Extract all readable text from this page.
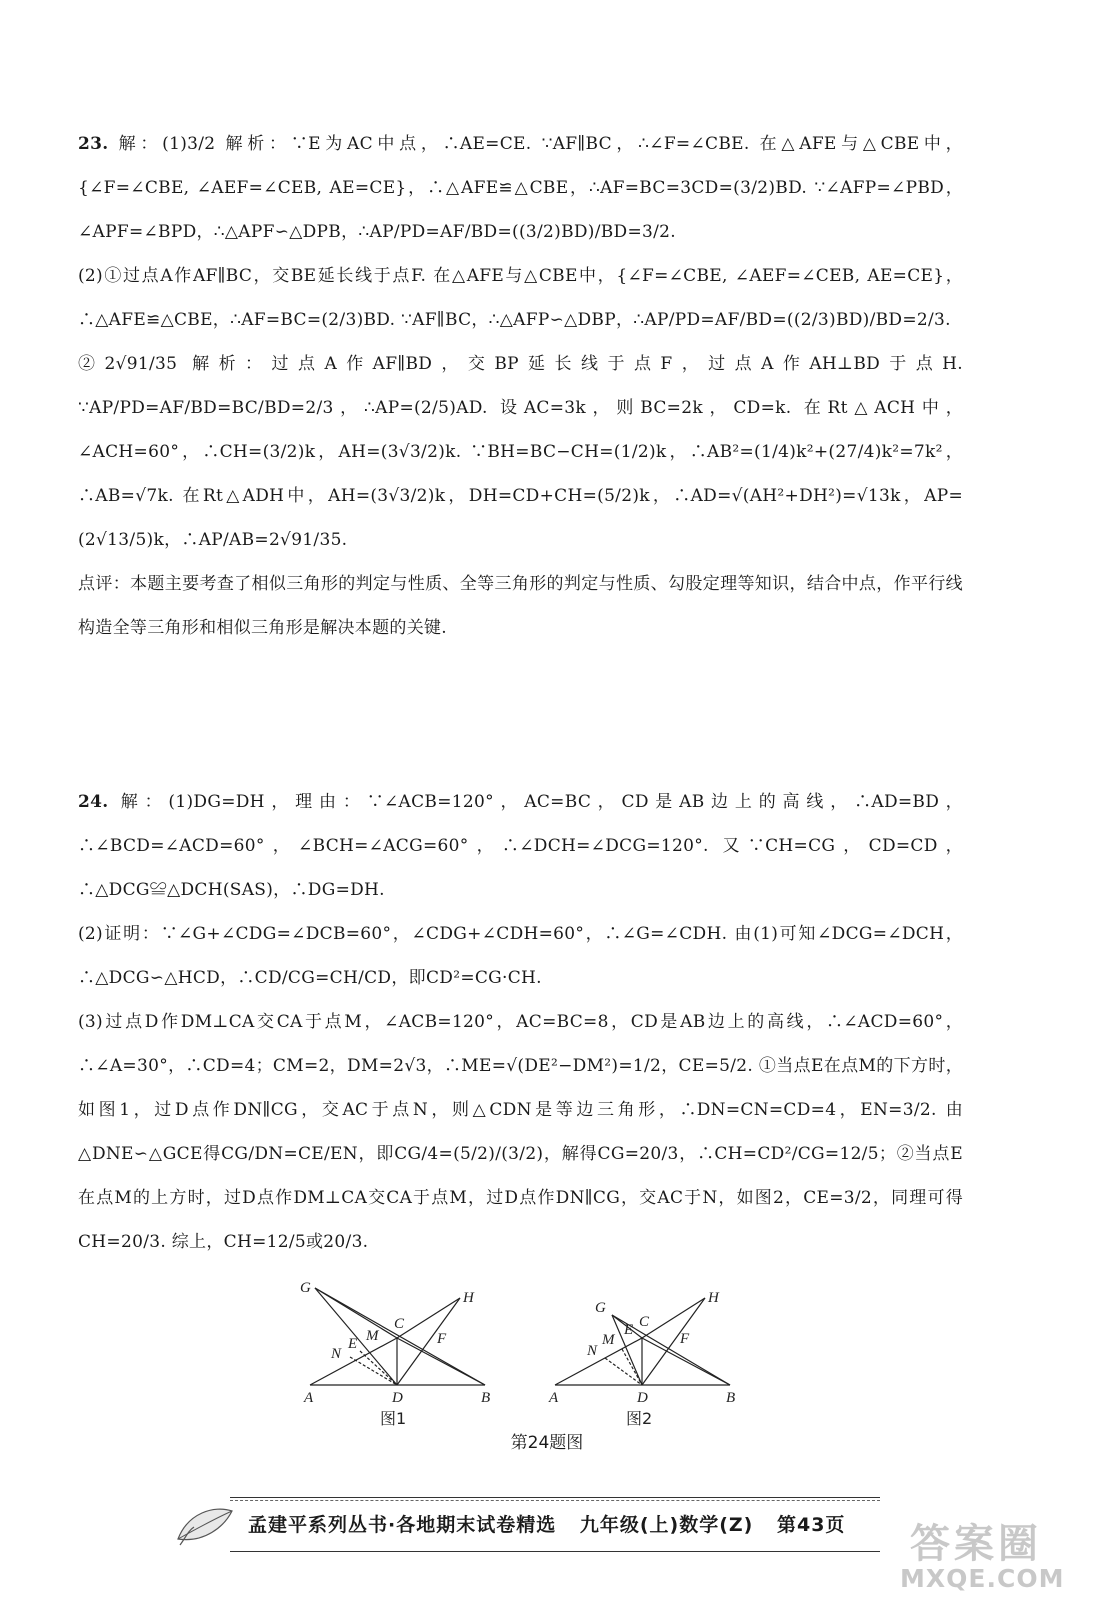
23. 解：(1)3/2 解析：∵E为AC中点，∴AE=CE. ∵AF∥BC，∴∠F=∠CBE. 在△AFE与△CBE中，{∠F=∠CBE, ∠AEF=∠CEB, AE=CE}，∴△AFE≌△CBE，∴AF=BC=3CD=(3/2)BD. ∵∠AFP=∠PBD，∠APF=∠BPD，∴△APF∽△DPB，∴AP/PD=AF/BD=((3/2)BD)/BD=3/2.

(2)①过点A作AF∥BC，交BE延长线于点F. 在△AFE与△CBE中，{∠F=∠CBE, ∠AEF=∠CEB, AE=CE}，∴△AFE≌△CBE，∴AF=BC=(2/3)BD. ∵AF∥BC，∴△AFP∽△DBP，∴AP/PD=AF/BD=((2/3)BD)/BD=2/3.

②2√91/35 解析：过点A作AF∥BD，交BP延长线于点F，过点A作AH⊥BD于点H. ∵AP/PD=AF/BD=BC/BD=2/3，∴AP=(2/5)AD. 设AC=3k，则BC=2k，CD=k. 在Rt△ACH中，∠ACH=60°，∴CH=(3/2)k，AH=(3√3/2)k. ∵BH=BC−CH=(1/2)k，∴AB²=(1/4)k²+(27/4)k²=7k²，∴AB=√7k. 在Rt△ADH中，AH=(3√3/2)k，DH=CD+CH=(5/2)k，∴AD=√(AH²+DH²)=√13k，AP=(2√13/5)k，∴AP/AB=2√91/35.

点评：本题主要考查了相似三角形的判定与性质、全等三角形的判定与性质、勾股定理等知识，结合中点，作平行线构造全等三角形和相似三角形是解决本题的关键.

24. 解：(1)DG=DH，理由：∵∠ACB=120°，AC=BC，CD是AB边上的高线，∴AD=BD，∴∠BCD=∠ACD=60°，∠BCH=∠ACG=60°，∴∠DCH=∠DCG=120°. 又∵CH=CG，CD=CD，∴△DCG≌△DCH(SAS)，∴DG=DH.

(2)证明：∵∠G+∠CDG=∠DCB=60°，∠CDG+∠CDH=60°，∴∠G=∠CDH. 由(1)可知∠DCG=∠DCH，∴△DCG∽△HCD，∴CD/CG=CH/CD，即CD²=CG·CH.

(3)过点D作DM⊥CA交CA于点M，∠ACB=120°，AC=BC=8，CD是AB边上的高线，∴∠ACD=60°，∴∠A=30°，∴CD=4；CM=2，DM=2√3，∴ME=√(DE²−DM²)=1/2，CE=5/2. ①当点E在点M的下方时，如图1，过D点作DN∥CG，交AC于点N，则△CDN是等边三角形，∴DN=CN=CD=4，EN=3/2. 由△DNE∽△GCE得CG/DN=CE/EN，即CG/4=(5/2)/(3/2)，解得CG=20/3，∴CH=CD²/CG=12/5；②当点E在点M的上方时，过D点作DM⊥CA交CA于点M，过D点作DN∥CG，交AC于N，如图2，CE=3/2，同理可得CH=20/3. 综上，CH=12/5或20/3.

G
H
C
M
E
N
F
A	D	B
图1
G
H
C
E
M
N
F
A	D	B
图2
第24题图
孟建平系列丛书·各地期末试卷精选 九年级(上)数学(Z) 第43页	答案圈
MXQE.COM
